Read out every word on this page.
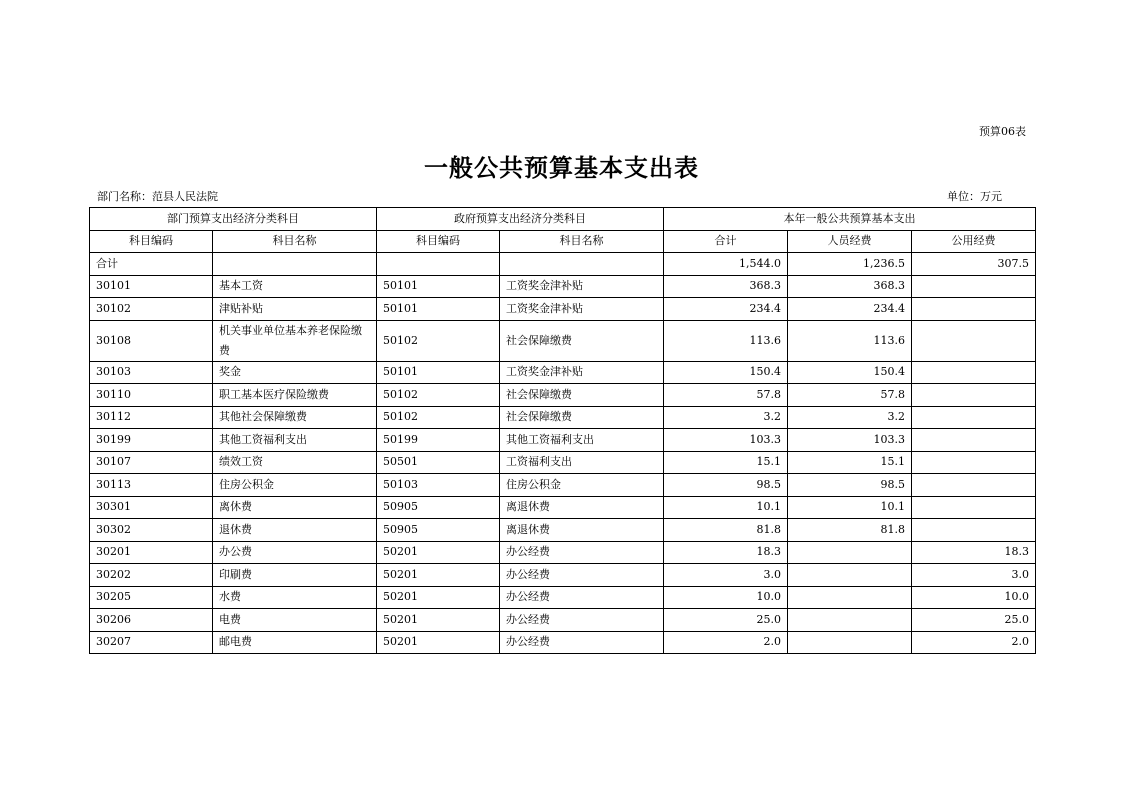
预算06表
一般公共预算基本支出表
部门名称：范县人民法院	单位：万元
部门预算支出经济分类科目		政府预算支出经济分类科目		本年一般公共预算基本支出		
科目编码	科目名称	科目编码	科目名称	合计	人员经费	公用经费
合计				1,544.0	1,236.5	307.5
30101	基本工资	50101	工资奖金津补贴	368.3	368.3	
30102	津贴补贴	50101	工资奖金津补贴	234.4	234.4	
30108	机关事业单位基本养老保险缴费	50102	社会保障缴费	113.6	113.6	
30103	奖金	50101	工资奖金津补贴	150.4	150.4	
30110	职工基本医疗保险缴费	50102	社会保障缴费	57.8	57.8	
30112	其他社会保障缴费	50102	社会保障缴费	3.2	3.2	
30199	其他工资福利支出	50199	其他工资福利支出	103.3	103.3	
30107	绩效工资	50501	工资福利支出	15.1	15.1	
30113	住房公积金	50103	住房公积金	98.5	98.5	
30301	离休费	50905	离退休费	10.1	10.1	
30302	退休费	50905	离退休费	81.8	81.8	
30201	办公费	50201	办公经费	18.3		18.3
30202	印刷费	50201	办公经费	3.0		3.0
30205	水费	50201	办公经费	10.0		10.0
30206	电费	50201	办公经费	25.0		25.0
30207	邮电费	50201	办公经费	2.0		2.0
